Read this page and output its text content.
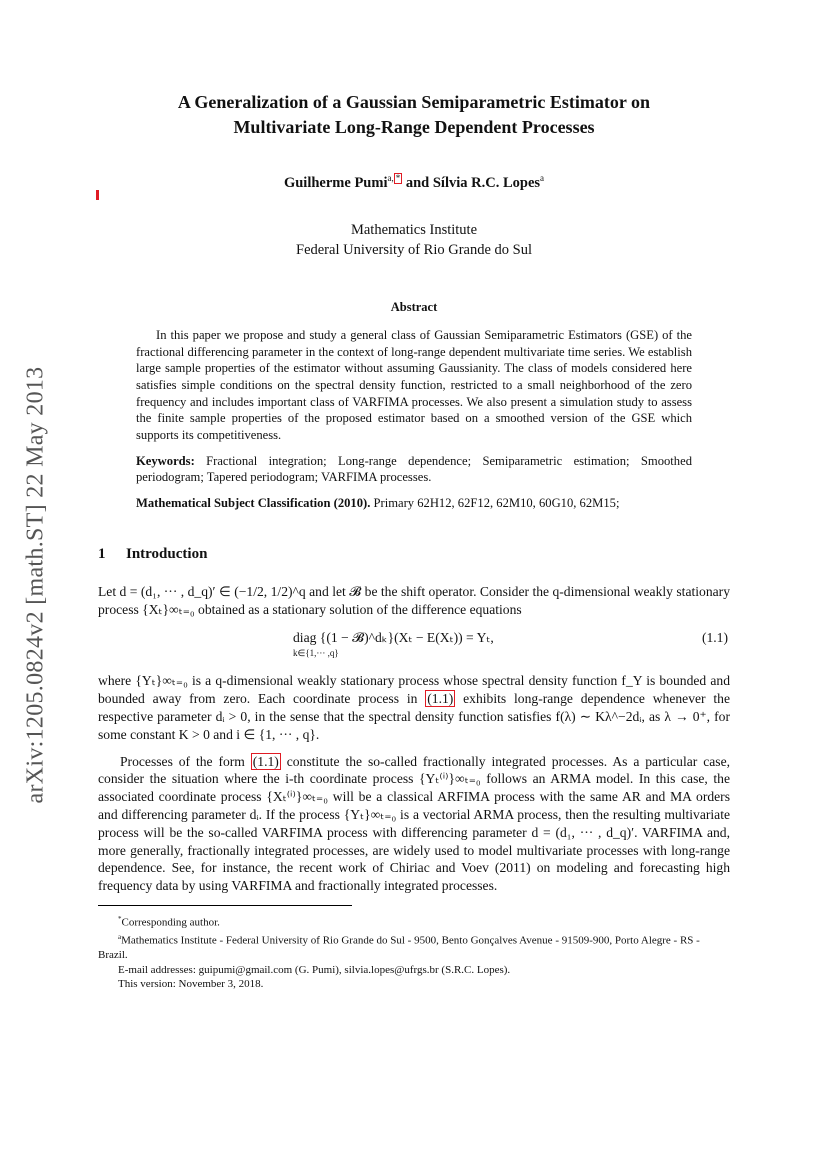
arXiv:1205.0824v2 [math.ST] 22 May 2013
A Generalization of a Gaussian Semiparametric Estimator on
Multivariate Long-Range Dependent Processes
Guilherme Pumi$^{a, *}$ and Sílvia R.C. Lopes$^a$
Mathematics Institute
Federal University of Rio Grande do Sul
Abstract

In this paper we propose and study a general class of Gaussian Semiparametric Estimators (GSE) of the fractional differencing parameter in the context of long-range dependent multivariate time series. We establish large sample properties of the estimator without assuming Gaussianity. The class of models considered here satisfies simple conditions on the spectral density function, restricted to a small neighborhood of the zero frequency and includes important class of VARFIMA processes. We also present a simulation study to assess the finite sample properties of the proposed estimator based on a smoothed version of the GSE which supports its competitiveness.

Keywords: Fractional integration; Long-range dependence; Semiparametric estimation; Smoothed periodogram; Tapered periodogram; VARFIMA processes.

Mathematical Subject Classification (2010). Primary 62H12, 62F12, 62M10, 60G10, 62M15;

1 Introduction

Let d = (d₁, ··· , d_q)′ ∈ (−1/2, 1/2)^q and let 𝓑 be the shift operator. Consider the q-dimensional weakly stationary process {Xₜ}∞ₜ₌₀ obtained as a stationary solution of the difference equations

diag {(1 − 𝓑)^dₖ}(Xₜ − E(Xₜ)) = Yₜ,
k∈{1,··· ,q}
(1.1)

where {Yₜ}∞ₜ₌₀ is a q-dimensional weakly stationary process whose spectral density function f_Y is bounded and bounded away from zero. Each coordinate process in (1.1) exhibits long-range dependence whenever the respective parameter dᵢ > 0, in the sense that the spectral density function satisfies f(λ) ∼ Kλ^−2dᵢ, as λ → 0⁺, for some constant K > 0 and i ∈ {1, ··· , q}.

Processes of the form (1.1) constitute the so-called fractionally integrated processes. As a particular case, consider the situation where the i-th coordinate process {Yₜ⁽ⁱ⁾}∞ₜ₌₀ follows an ARMA model. In this case, the associated coordinate process {Xₜ⁽ⁱ⁾}∞ₜ₌₀ will be a classical ARFIMA process with the same AR and MA orders and differencing parameter dᵢ. If the process {Yₜ}∞ₜ₌₀ is a vectorial ARMA process, then the resulting multivariate process will be the so-called VARFIMA process with differencing parameter d = (d₁, ··· , d_q)′. VARFIMA and, more generally, fractionally integrated processes, are widely used to model multivariate processes with long-range dependence. See, for instance, the recent work of Chiriac and Voev (2011) on modeling and forecasting high frequency data by using VARFIMA and fractionally integrated processes.

*Corresponding author.

$^a$Mathematics Institute - Federal University of Rio Grande do Sul - 9500, Bento Gonçalves Avenue - 91509-900, Porto Alegre - RS - Brazil.

E-mail addresses: guipumi@gmail.com (G. Pumi), silvia.lopes@ufrgs.br (S.R.C. Lopes).

This version: November 3, 2018.
